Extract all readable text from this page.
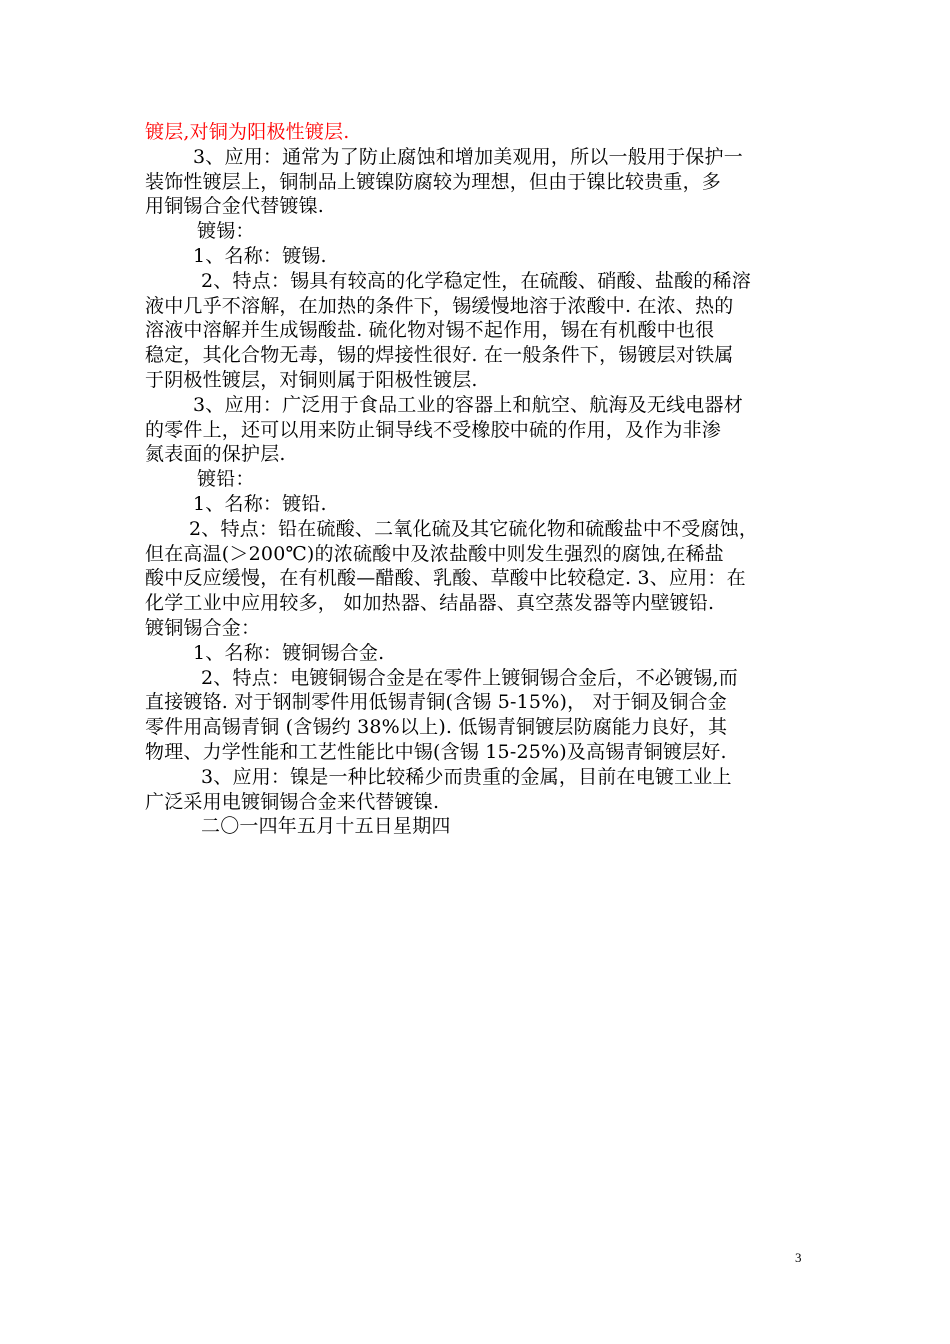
镀层,对铜为阳极性镀层.
3、应用：通常为了防止腐蚀和增加美观用，所以一般用于保护一
装饰性镀层上，铜制品上镀镍防腐较为理想，但由于镍比较贵重，多
用铜锡合金代替镀镍.
镀锡：
1、名称：镀锡.
2、特点：锡具有较高的化学稳定性，在硫酸、硝酸、盐酸的稀溶
液中几乎不溶解，在加热的条件下，锡缓慢地溶于浓酸中. 在浓、热的
溶液中溶解并生成锡酸盐. 硫化物对锡不起作用，锡在有机酸中也很
稳定，其化合物无毒，锡的焊接性很好. 在一般条件下，锡镀层对铁属
于阴极性镀层，对铜则属于阳极性镀层.
3、应用：广泛用于食品工业的容器上和航空、航海及无线电器材
的零件上，还可以用来防止铜导线不受橡胶中硫的作用，及作为非渗
氮表面的保护层.
镀铅：
1、名称：镀铅.
2、特点：铅在硫酸、二氧化硫及其它硫化物和硫酸盐中不受腐蚀，
但在高温(＞200℃)的浓硫酸中及浓盐酸中则发生强烈的腐蚀,在稀盐
酸中反应缓慢，在有机酸—醋酸、乳酸、草酸中比较稳定. 3、应用：在
化学工业中应用较多， 如加热器、结晶器、真空蒸发器等内壁镀铅.
镀铜锡合金：
1、名称：镀铜锡合金.
2、特点：电镀铜锡合金是在零件上镀铜锡合金后，不必镀锡,而
直接镀铬. 对于钢制零件用低锡青铜(含锡 5-15%)， 对于铜及铜合金
零件用高锡青铜 (含锡约 38%以上). 低锡青铜镀层防腐能力良好，其
物理、力学性能和工艺性能比中锡(含锡 15-25%)及高锡青铜镀层好.
3、应用：镍是一种比较稀少而贵重的金属，目前在电镀工业上
广泛采用电镀铜锡合金来代替镀镍.
二〇一四年五月十五日星期四
3
